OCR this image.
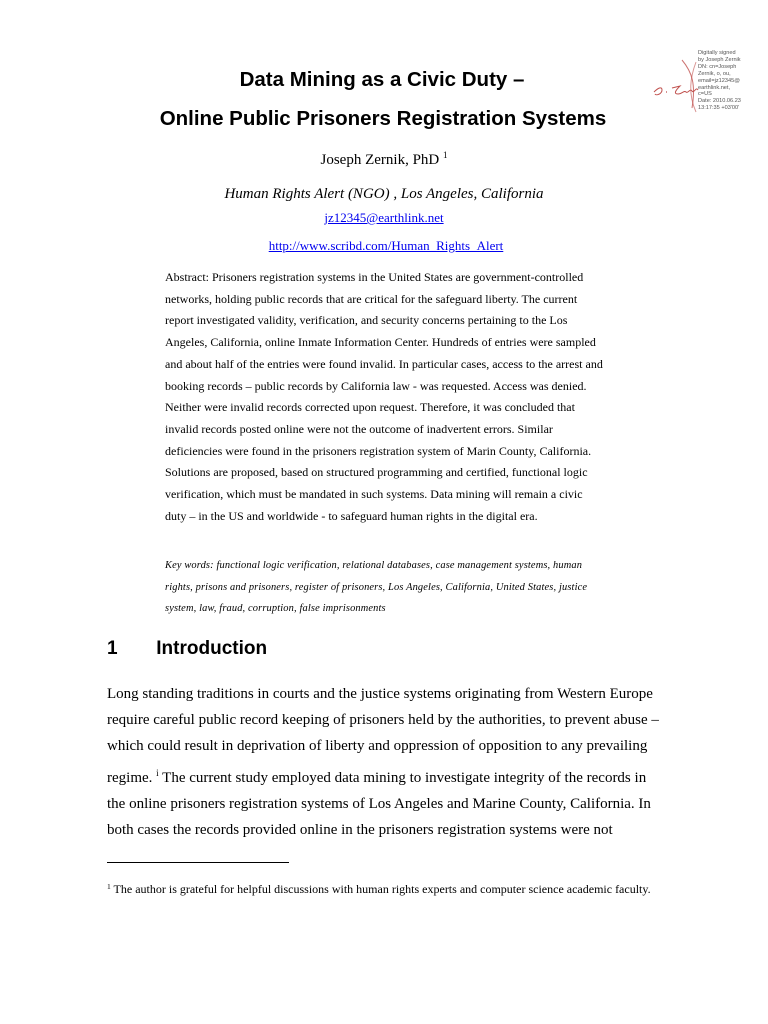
Digitally signed
by Joseph Zernik
DN: cn=Joseph
Zernik, o, ou,
email=jz12345@
earthlink.net,
c=US
Date: 2010.06.23
13:17:35 +03'00'
Data Mining as a Civic Duty –
Online Public Prisoners Registration Systems
Joseph Zernik, PhD $^1$
Human Rights Alert (NGO) , Los Angeles, California
jz12345@earthlink.net
http://www.scribd.com/Human_Rights_Alert

Abstract: Prisoners registration systems in the United States are government-controlled networks, holding public records that are critical for the safeguard liberty. The current report investigated validity, verification, and security concerns pertaining to the Los Angeles, California, online Inmate Information Center. Hundreds of entries were sampled and about half of the entries were found invalid. In particular cases, access to the arrest and booking records – public records by California law - was requested. Access was denied. Neither were invalid records corrected upon request. Therefore, it was concluded that invalid records posted online were not the outcome of inadvertent errors. Similar deficiencies were found in the prisoners registration system of Marin County, California. Solutions are proposed, based on structured programming and certified, functional logic verification, which must be mandated in such systems. Data mining will remain a civic duty – in the US and worldwide - to safeguard human rights in the digital era.

Key words: functional logic verification, relational databases, case management systems, human rights, prisons and prisoners, register of prisoners, Los Angeles, California, United States, justice system, law, fraud, corruption, false imprisonments

1 Introduction

Long standing traditions in courts and the justice systems originating from Western Europe require careful public record keeping of prisoners held by the authorities, to prevent abuse – which could result in deprivation of liberty and oppression of opposition to any prevailing regime. $^i$ The current study employed data mining to investigate integrity of the records in the online prisoners registration systems of Los Angeles and Marine County, California. In both cases the records provided online in the prisoners registration systems were not

$^1$ The author is grateful for helpful discussions with human rights experts and computer science academic faculty.
